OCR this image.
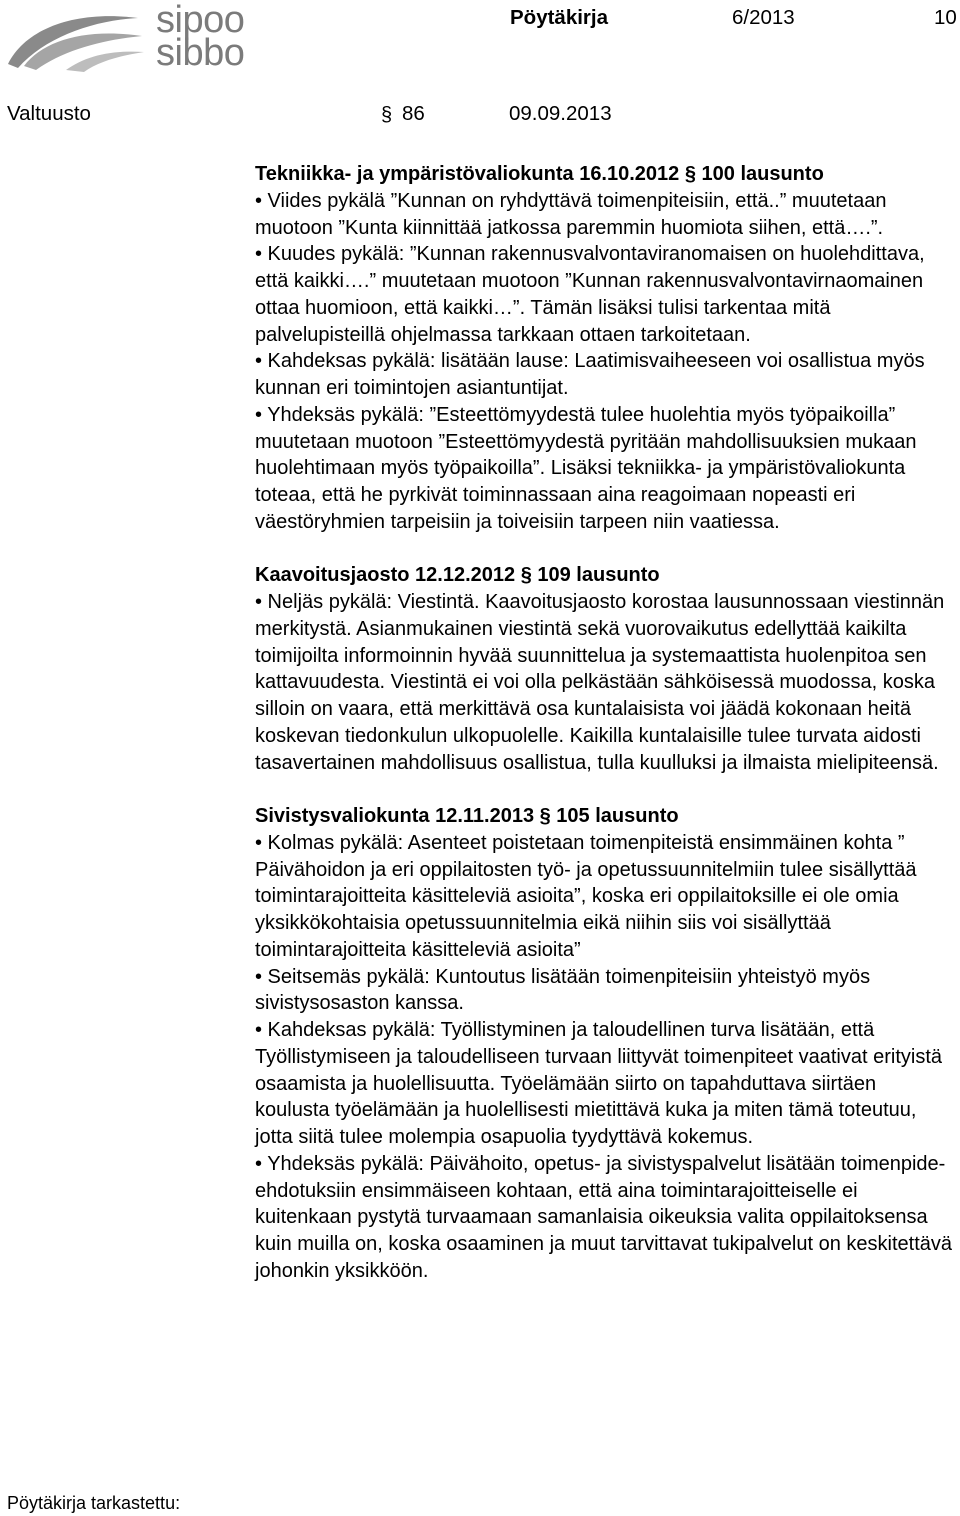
sipoo
sibbo
Pöytäkirja	6/2013	10
Valtuusto	§ 86	09.09.2013
Tekniikka- ja ympäristövaliokunta 16.10.2012 § 100 lausunto

• Viides pykälä ”Kunnan on ryhdyttävä toimenpiteisiin, että..” muutetaan muotoon ”Kunta kiinnittää jatkossa paremmin huomiota siihen, että….”.

• Kuudes pykälä: ”Kunnan rakennusvalvontaviranomaisen on huolehdittava, että kaikki….” muutetaan muotoon ”Kunnan rakennusvalvontavirnaomainen ottaa huomioon, että kaikki…”. Tämän lisäksi tulisi tarkentaa mitä palvelupisteillä ohjelmassa tarkkaan ottaen tarkoitetaan.

• Kahdeksas pykälä: lisätään lause: Laatimisvaiheeseen voi osallistua myös kunnan eri toimintojen asiantuntijat.

• Yhdeksäs pykälä: ”Esteettömyydestä tulee huolehtia myös työpaikoilla” muutetaan muotoon ”Esteettömyydestä pyritään mahdollisuuksien mukaan huolehtimaan myös työpaikoilla”. Lisäksi tekniikka- ja ympäristövaliokunta toteaa, että he pyrkivät toiminnassaan aina reagoimaan nopeasti eri väestöryhmien tarpeisiin ja toiveisiin tarpeen niin vaatiessa.

Kaavoitusjaosto 12.12.2012 § 109 lausunto

• Neljäs pykälä: Viestintä. Kaavoitusjaosto korostaa lausunnossaan viestinnän merkitystä. Asianmukainen viestintä sekä vuorovaikutus edellyttää kaikilta toimijoilta informoinnin hyvää suunnittelua ja systemaattista huolenpitoa sen kattavuudesta. Viestintä ei voi olla pelkästään sähköisessä muodossa, koska silloin on vaara, että merkittävä osa kuntalaisista voi jäädä kokonaan heitä koskevan tiedonkulun ulkopuolelle. Kaikilla kuntalaisille tulee turvata aidosti tasavertainen mahdollisuus osallistua, tulla kuulluksi ja ilmaista mielipiteensä.

Sivistysvaliokunta 12.11.2013 § 105 lausunto

• Kolmas pykälä: Asenteet poistetaan toimenpiteistä ensimmäinen kohta ” Päivähoidon ja eri oppilaitosten työ- ja opetussuunnitelmiin tulee sisällyttää toimintarajoitteita käsitteleviä asioita”, koska eri oppilaitoksille ei ole omia yksikkökohtaisia opetussuunnitelmia eikä niihin siis voi sisällyttää toimintarajoitteita käsitteleviä asioita”

• Seitsemäs pykälä: Kuntoutus lisätään toimenpiteisiin yhteistyö myös sivistysosaston kanssa.

• Kahdeksas pykälä: Työllistyminen ja taloudellinen turva lisätään, että Työllistymiseen ja taloudelliseen turvaan liittyvät toimenpiteet vaativat erityistä osaamista ja huolellisuutta. Työelämään siirto on tapahduttava siirtäen koulusta työelämään ja huolellisesti mietittävä kuka ja miten tämä toteutuu, jotta siitä tulee molempia osapuolia tyydyttävä kokemus.

• Yhdeksäs pykälä: Päivähoito, opetus- ja sivistyspalvelut lisätään toimenpide-ehdotuksiin ensimmäiseen kohtaan, että aina toimintarajoitteiselle ei kuitenkaan pystytä turvaamaan samanlaisia oikeuksia valita oppilaitoksensa kuin muilla on, koska osaaminen ja muut tarvittavat tukipalvelut on keskitettävä johonkin yksikköön.

Pöytäkirja tarkastettu:
